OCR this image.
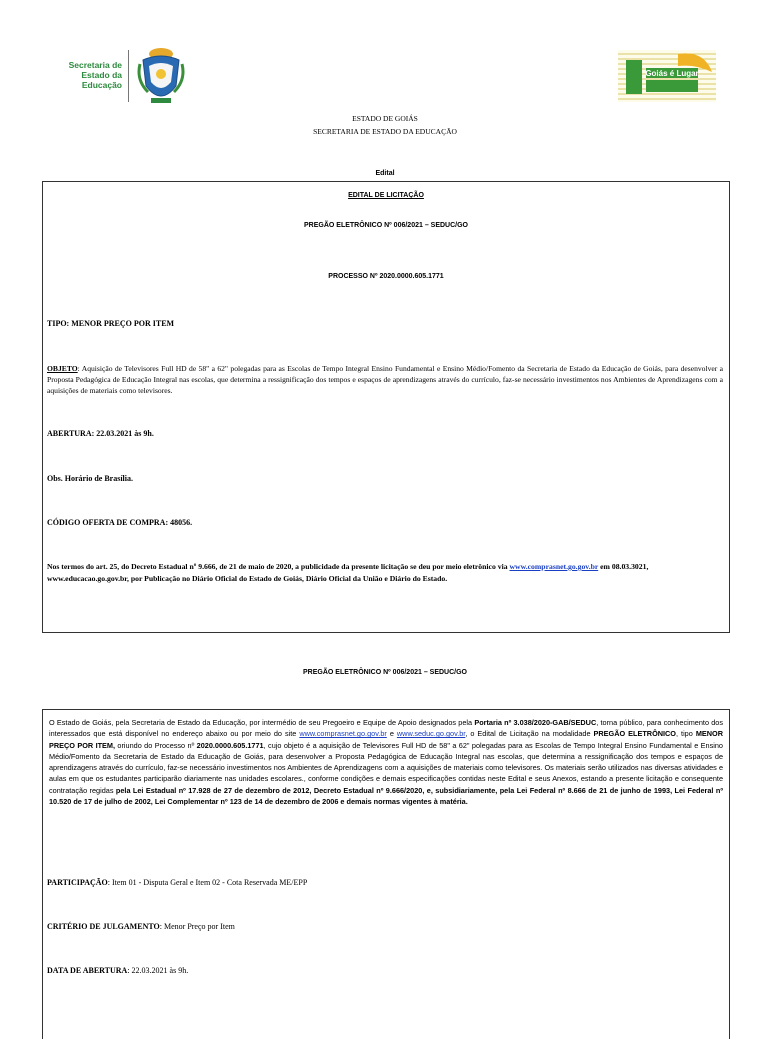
Secretaria de
Estado da
Educação
Goiás é Lugar
ESTADO DE GOIÁS
SECRETARIA DE ESTADO DA EDUCAÇÃO
Edital
EDITAL DE LICITAÇÃO
PREGÃO ELETRÔNICO Nº 006/2021 – SEDUC/GO
PROCESSO Nº 2020.0000.605.1771
TIPO: MENOR PREÇO POR ITEM
OBJETO: Aquisição de Televisores Full HD de 58" a 62" polegadas para as Escolas de Tempo Integral Ensino Fundamental e Ensino Médio/Fomento da Secretaria de Estado da Educação de Goiás, para desenvolver a Proposta Pedagógica de Educação Integral nas escolas, que determina a ressignificação dos tempos e espaços de aprendizagens através do currículo, faz-se necessário investimentos nos Ambientes de Aprendizagens com a aquisições de materiais como televisores.
ABERTURA: 22.03.2021 às 9h.
Obs. Horário de Brasília.
CÓDIGO OFERTA DE COMPRA: 48056.
Nos termos do art. 25, do Decreto Estadual nº 9.666, de 21 de maio de 2020, a publicidade da presente licitação se deu por meio eletrônico via www.comprasnet.go.gov.br em 08.03.3021, www.educacao.go.gov.br, por Publicação no Diário Oficial do Estado de Goiás, Diário Oficial da União e Diário do Estado.
PREGÃO ELETRÔNICO Nº 006/2021 – SEDUC/GO
O Estado de Goiás, pela Secretaria de Estado da Educação, por intermédio de seu Pregoeiro e Equipe de Apoio designados pela Portaria nº 3.038/2020-GAB/SEDUC, torna público, para conhecimento dos interessados que está disponível no endereço abaixo ou por meio do site www.comprasnet.go.gov.br e www.seduc.go.gov.br, o Edital de Licitação na modalidade PREGÃO ELETRÔNICO, tipo MENOR PREÇO POR ITEM, oriundo do Processo nº 2020.0000.605.1771, cujo objeto é a aquisição de Televisores Full HD de 58" a 62" polegadas para as Escolas de Tempo Integral Ensino Fundamental e Ensino Médio/Fomento da Secretaria de Estado da Educação de Goiás, para desenvolver a Proposta Pedagógica de Educação Integral nas escolas, que determina a ressignificação dos tempos e espaços de aprendizagens através do currículo, faz-se necessário investimentos nos Ambientes de Aprendizagens com a aquisições de materiais como televisores. Os materiais serão utilizados nas diversas atividades e aulas em que os estudantes participarão diariamente nas unidades escolares., conforme condições e demais especificações contidas neste Edital e seus Anexos, estando a presente licitação e consequente contratação regidas pela Lei Estadual nº 17.928 de 27 de dezembro de 2012, Decreto Estadual nº 9.666/2020, e, subsidiariamente, pela Lei Federal nº 8.666 de 21 de junho de 1993, Lei Federal nº 10.520 de 17 de julho de 2002, Lei Complementar nº 123 de 14 de dezembro de 2006 e demais normas vigentes à matéria.
PARTICIPAÇÃO: Item 01 - Disputa Geral e Item 02 - Cota Reservada ME/EPP
CRITÉRIO DE JULGAMENTO: Menor Preço por Item
DATA DE ABERTURA: 22.03.2021 às 9h.
